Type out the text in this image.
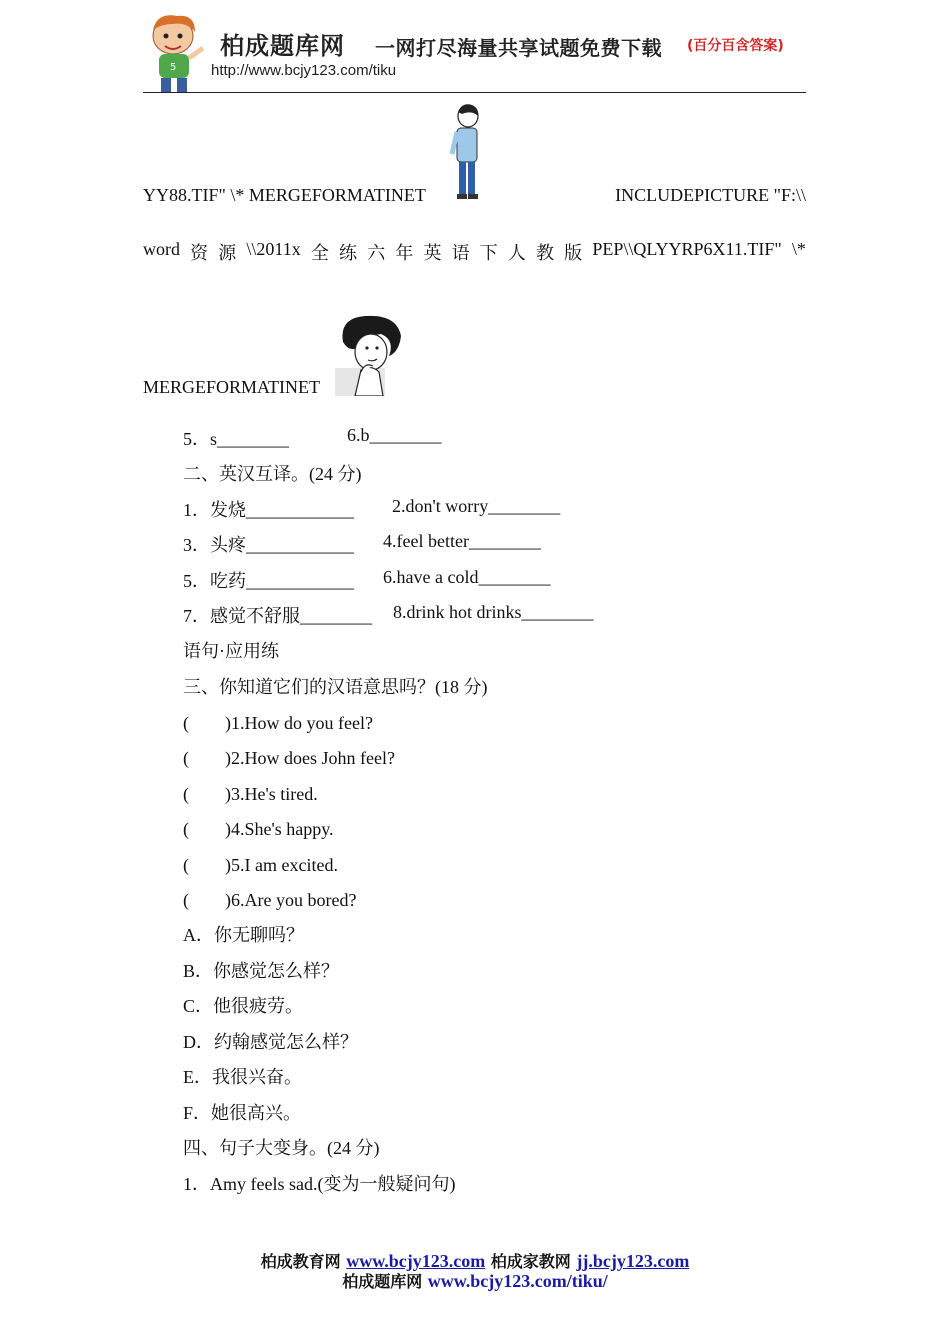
5
柏成题库网 一网打尽海量共享试题免费下载 (百分百含答案)
http://www.bcjy123.com/tiku
YY88.TIF" \* MERGEFORMATINET	INCLUDEPICTURE "F:\\
word 资 源 \\2011x 全 练 六 年 英 语 下 人 教 版 PEP\\QLYYRP6X11.TIF" \*
MERGEFORMATINET
5．s________	6.b________
二、英汉互译。(24 分)
1．发烧____________ 2.don't worry________
3．头疼____________ 4.feel better________
5．吃药____________ 6.have a cold________
7．感觉不舒服________ 8.drink hot drinks________
语句·应用练
三、你知道它们的汉语意思吗？(18 分)
(　　)1.How do you feel?
(　　)2.How does John feel?
(　　)3.He's tired.
(　　)4.She's happy.
(　　)5.I am excited.
(　　)6.Are you bored?
A．你无聊吗？
B．你感觉怎么样？
C．他很疲劳。
D．约翰感觉怎么样？
E．我很兴奋。
F．她很高兴。
四、句子大变身。(24 分)
1．Amy feels sad.(变为一般疑问句)
柏成教育网 www.bcjy123.com 柏成家教网 jj.bcjy123.com
柏成题库网 www.bcjy123.com/tiku/
